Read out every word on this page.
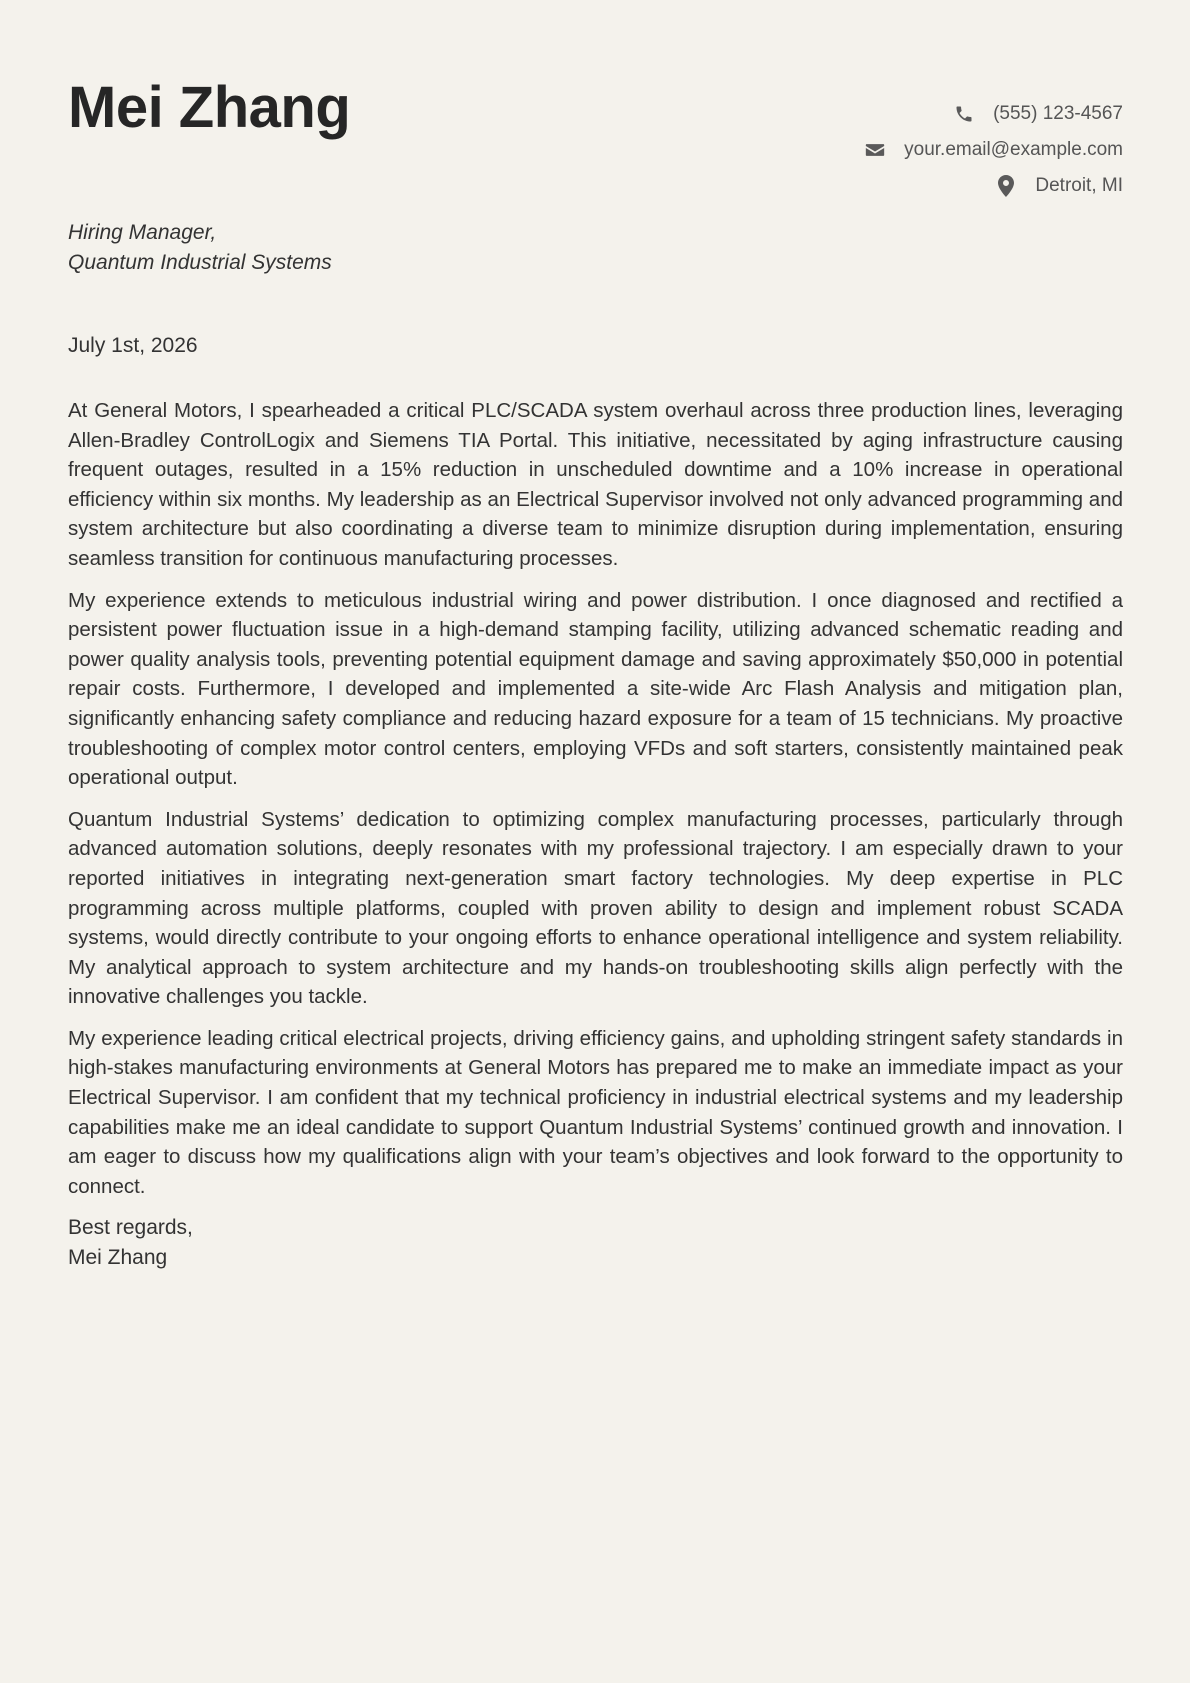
Mei Zhang	(555) 123-4567
your.email@example.com
Detroit, MI
Hiring Manager,
Quantum Industrial Systems
July 1st, 2026

At General Motors, I spearheaded a critical PLC/SCADA system overhaul across three production lines, leveraging Allen-Bradley ControlLogix and Siemens TIA Portal. This initiative, necessitated by aging infrastructure causing frequent outages, resulted in a 15% reduction in unscheduled downtime and a 10% increase in operational efficiency within six months. My leadership as an Electrical Supervisor involved not only advanced programming and system architecture but also coordinating a diverse team to minimize disruption during implementation, ensuring seamless transition for continuous manufacturing processes.

My experience extends to meticulous industrial wiring and power distribution. I once diagnosed and rectified a persistent power fluctuation issue in a high-demand stamping facility, utilizing advanced schematic reading and power quality analysis tools, preventing potential equipment damage and saving approximately $50,000 in potential repair costs. Furthermore, I developed and implemented a site-wide Arc Flash Analysis and mitigation plan, significantly enhancing safety compliance and reducing hazard exposure for a team of 15 technicians. My proactive troubleshooting of complex motor control centers, employing VFDs and soft starters, consistently maintained peak operational output.

Quantum Industrial Systems’ dedication to optimizing complex manufacturing processes, particularly through advanced automation solutions, deeply resonates with my professional trajectory. I am especially drawn to your reported initiatives in integrating next-generation smart factory technologies. My deep expertise in PLC programming across multiple platforms, coupled with proven ability to design and implement robust SCADA systems, would directly contribute to your ongoing efforts to enhance operational intelligence and system reliability. My analytical approach to system architecture and my hands-on troubleshooting skills align perfectly with the innovative challenges you tackle.

My experience leading critical electrical projects, driving efficiency gains, and upholding stringent safety standards in high-stakes manufacturing environments at General Motors has prepared me to make an immediate impact as your Electrical Supervisor. I am confident that my technical proficiency in industrial electrical systems and my leadership capabilities make me an ideal candidate to support Quantum Industrial Systems’ continued growth and innovation. I am eager to discuss how my qualifications align with your team’s objectives and look forward to the opportunity to connect.

Best regards,
Mei Zhang
